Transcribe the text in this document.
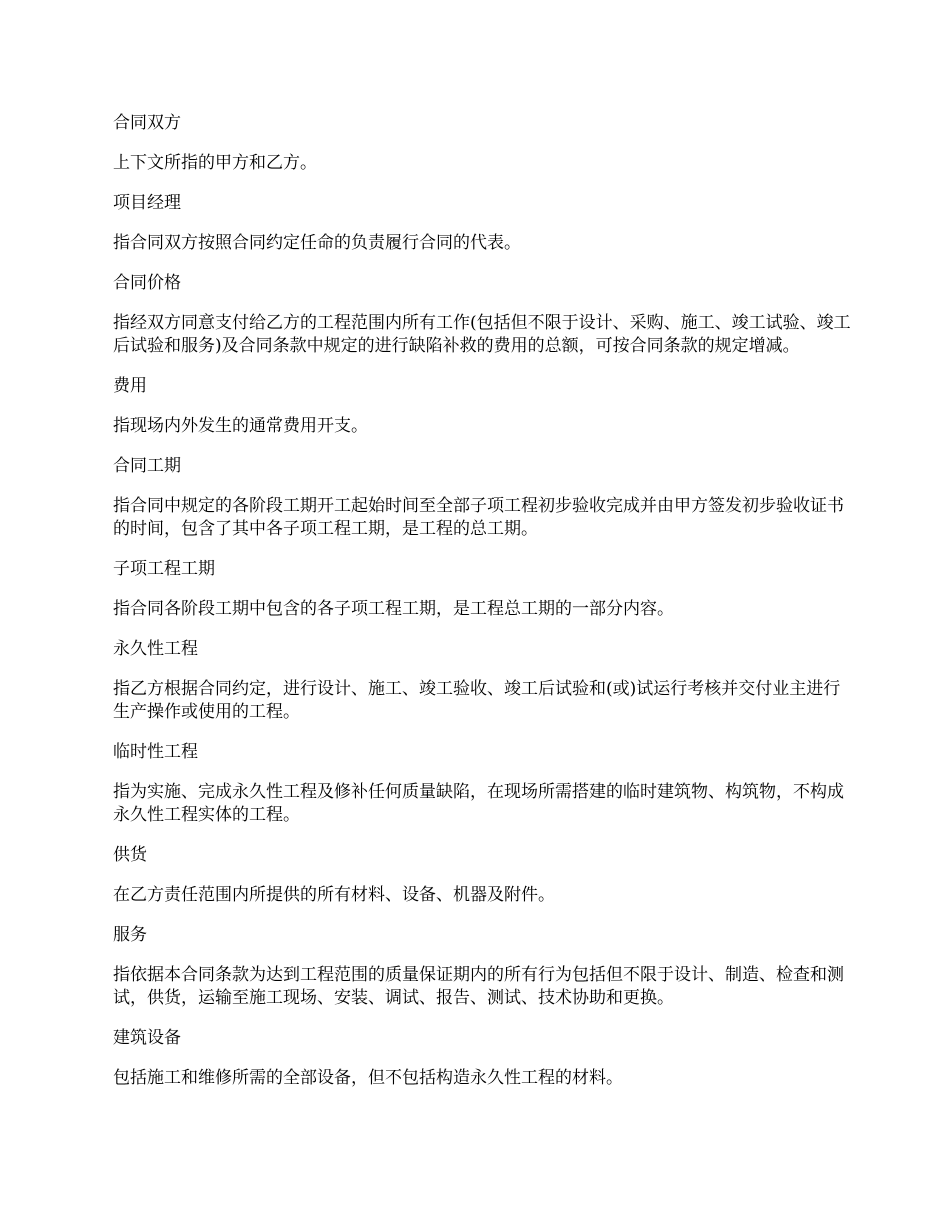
合同双方

上下文所指的甲方和乙方。

项目经理

指合同双方按照合同约定任命的负责履行合同的代表。

合同价格

指经双方同意支付给乙方的工程范围内所有工作(包括但不限于设计、采购、施工、竣工试验、竣工后试验和服务)及合同条款中规定的进行缺陷补救的费用的总额，可按合同条款的规定增减。

费用

指现场内外发生的通常费用开支。

合同工期

指合同中规定的各阶段工期开工起始时间至全部子项工程初步验收完成并由甲方签发初步验收证书的时间，包含了其中各子项工程工期，是工程的总工期。

子项工程工期

指合同各阶段工期中包含的各子项工程工期，是工程总工期的一部分内容。

永久性工程

指乙方根据合同约定，进行设计、施工、竣工验收、竣工后试验和(或)试运行考核并交付业主进行生产操作或使用的工程。

临时性工程

指为实施、完成永久性工程及修补任何质量缺陷，在现场所需搭建的临时建筑物、构筑物，不构成永久性工程实体的工程。

供货

在乙方责任范围内所提供的所有材料、设备、机器及附件。

服务

指依据本合同条款为达到工程范围的质量保证期内的所有行为包括但不限于设计、制造、检查和测试，供货，运输至施工现场、安装、调试、报告、测试、技术协助和更换。

建筑设备

包括施工和维修所需的全部设备，但不包括构造永久性工程的材料。
